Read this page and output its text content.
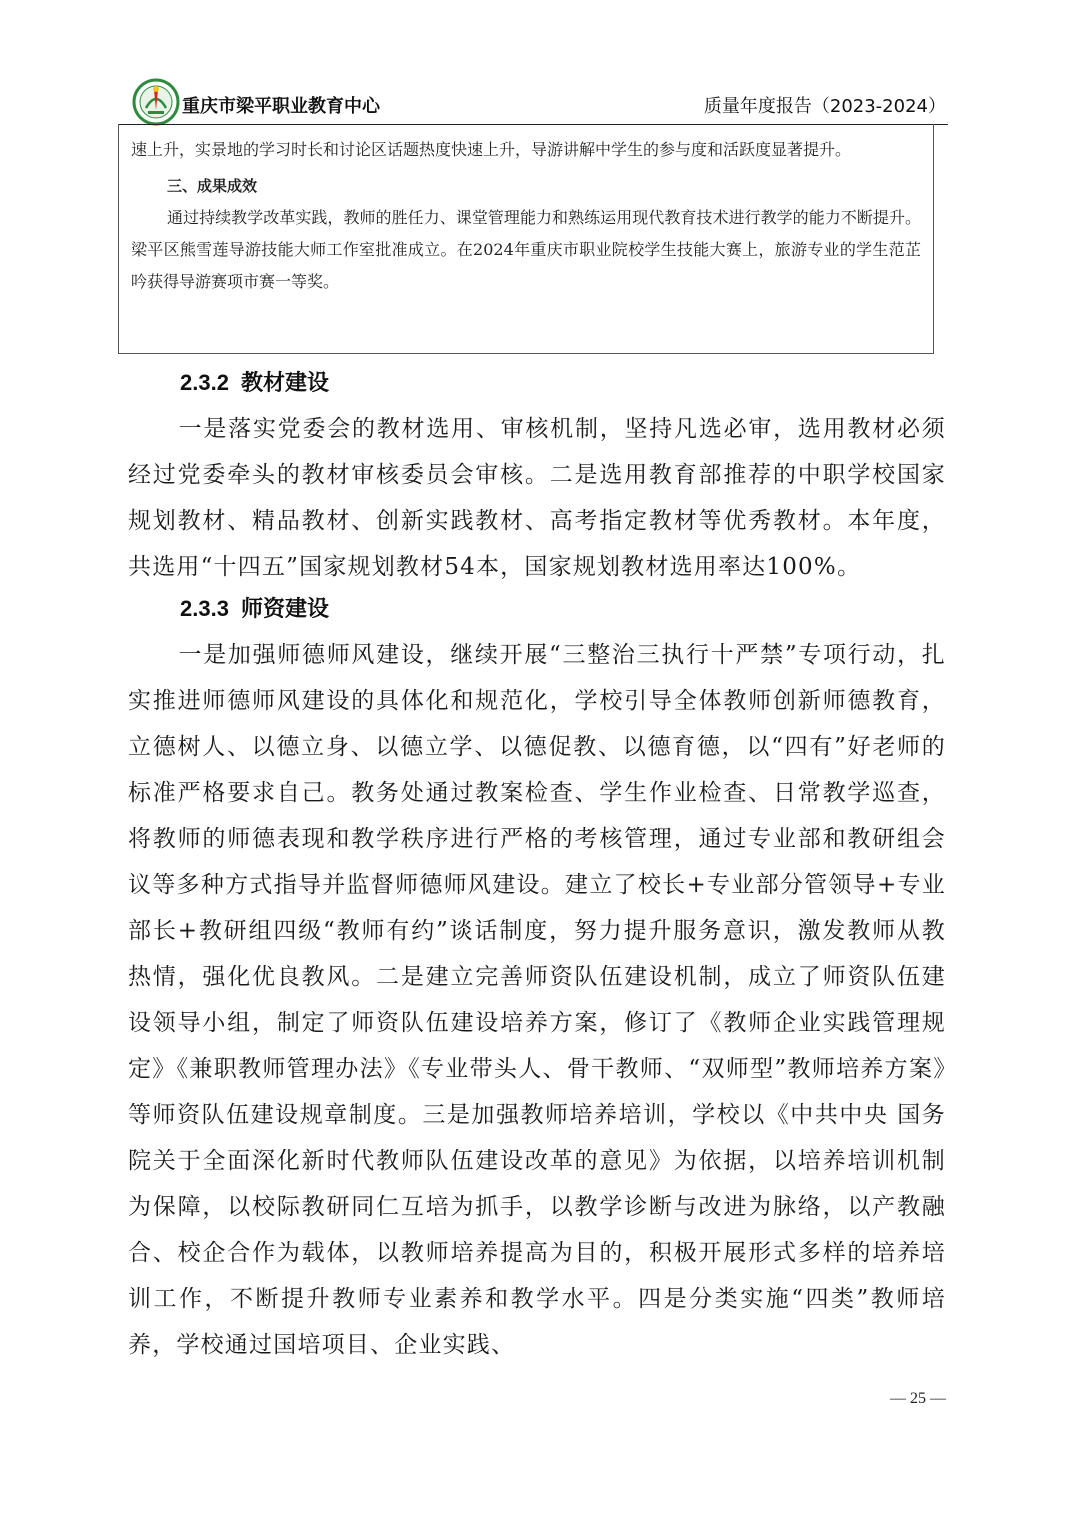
重庆市梁平职业教育中心	质量年度报告（2023-2024）

速上升，实景地的学习时长和讨论区话题热度快速上升，导游讲解中学生的参与度和活跃度显著提升。

三、成果成效

通过持续教学改革实践，教师的胜任力、课堂管理能力和熟练运用现代教育技术进行教学的能力不断提升。梁平区熊雪莲导游技能大师工作室批准成立。在2024年重庆市职业院校学生技能大赛上，旅游专业的学生范芷吟获得导游赛项市赛一等奖。

2.3.2 教材建设

一是落实党委会的教材选用、审核机制，坚持凡选必审，选用教材必须经过党委牵头的教材审核委员会审核。二是选用教育部推荐的中职学校国家规划教材、精品教材、创新实践教材、高考指定教材等优秀教材。本年度，共选用“十四五”国家规划教材54本，国家规划教材选用率达100%。

2.3.3 师资建设

一是加强师德师风建设，继续开展“三整治三执行十严禁”专项行动，扎实推进师德师风建设的具体化和规范化，学校引导全体教师创新师德教育，立德树人、以德立身、以德立学、以德促教、以德育德，以“四有”好老师的标准严格要求自己。教务处通过教案检查、学生作业检查、日常教学巡查，将教师的师德表现和教学秩序进行严格的考核管理，通过专业部和教研组会议等多种方式指导并监督师德师风建设。建立了校长+专业部分管领导+专业部长+教研组四级“教师有约”谈话制度，努力提升服务意识，激发教师从教热情，强化优良教风。二是建立完善师资队伍建设机制，成立了师资队伍建设领导小组，制定了师资队伍建设培养方案，修订了《教师企业实践管理规定》《兼职教师管理办法》《专业带头人、骨干教师、“双师型”教师培养方案》等师资队伍建设规章制度。三是加强教师培养培训，学校以《中共中央 国务院关于全面深化新时代教师队伍建设改革的意见》为依据，以培养培训机制为保障，以校际教研同仁互培为抓手，以教学诊断与改进为脉络，以产教融合、校企合作为载体，以教师培养提高为目的，积极开展形式多样的培养培训工作，不断提升教师专业素养和教学水平。四是分类实施“四类”教师培养，学校通过国培项目、企业实践、

— 25 —
